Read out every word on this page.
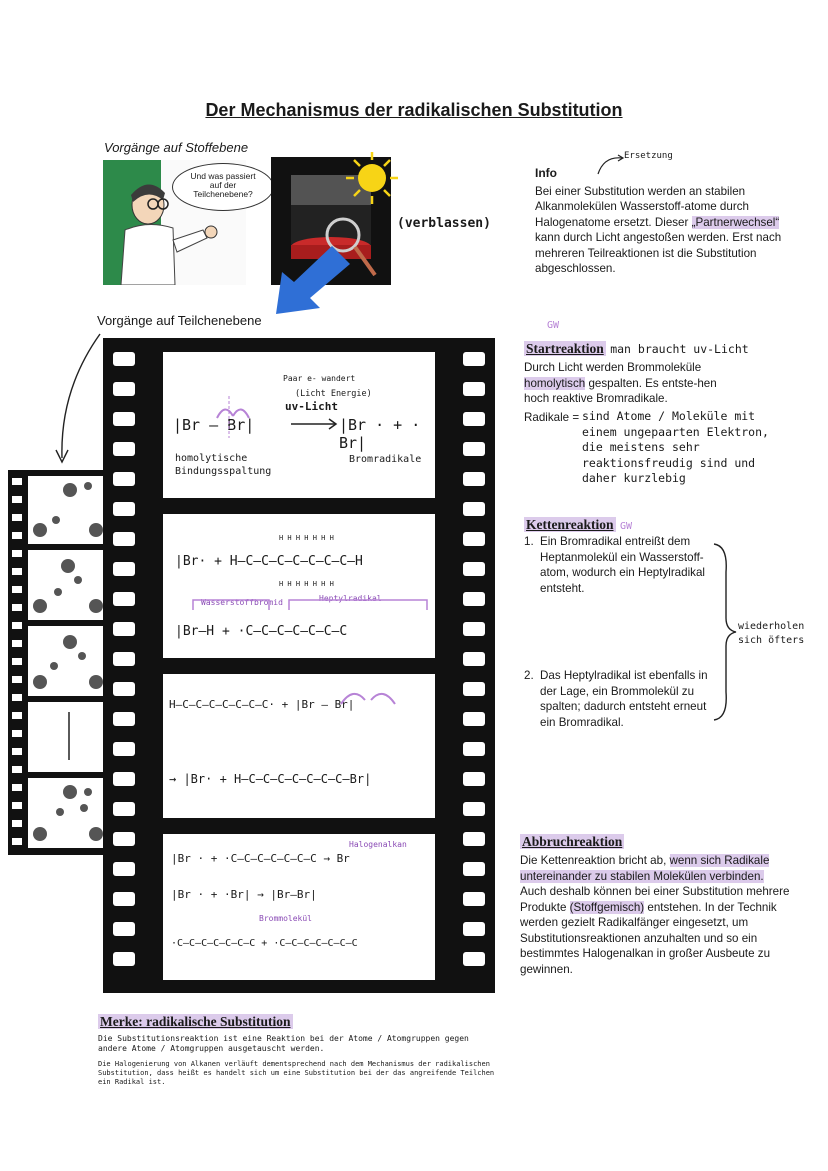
Der Mechanismus der radikalischen Substitution
Vorgänge auf Stoffebene
Und was passiert auf der Teilchenebene?
(verblassen)
Ersetzung
Info
Bei einer Substitution werden an stabilen Alkanmolekülen Wasserstoff-atome durch Halogenatome ersetzt. Dieser „Partnerwechsel“ kann durch Licht angestoßen werden. Erst nach mehreren Teilreaktionen ist die Substitution abgeschlossen.
Vorgänge auf Teilchenebene
Paar e- wandert
(Licht Energie)
uv-Licht
|Br – Br|	|Br · + · Br|
homolytische Bindungsspaltung
Bromradikale
H H H H H H H
H H H H H H H
|Br· + H–C–C–C–C–C–C–C–H
Wasserstoffbromid	Heptylradikal
|Br–H + ·C–C–C–C–C–C–C
H–C–C–C–C–C–C–C· + |Br – Br|
→ |Br· + H–C–C–C–C–C–C–C–Br|
Halogenalkan
|Br · + ·C–C–C–C–C–C–C → Br
|Br · + ·Br| → |Br–Br|
Brommolekül
·C–C–C–C–C–C–C + ·C–C–C–C–C–C–C
GW
Startreaktion man braucht uv-Licht
Durch Licht werden Brommoleküle homolytisch gespalten. Es entste-hen hoch reaktive Bromradikale.
Radikale = sind Atome / Moleküle mit einem ungepaarten Elektron, die meistens sehr reaktionsfreudig sind und daher kurzlebig
Kettenreaktion GW
1. Ein Bromradikal entreißt dem Heptanmolekül ein Wasserstoff-atom, wodurch ein Heptylradikal entsteht.
2. Das Heptylradikal ist ebenfalls in der Lage, ein Brommolekül zu spalten; dadurch entsteht erneut ein Bromradikal.
wiederholen sich öfters
Abbruchreaktion
Die Kettenreaktion bricht ab, wenn sich Radikale untereinander zu stabilen Molekülen verbinden. Auch deshalb können bei einer Substitution mehrere Produkte (Stoffgemisch) entstehen. In der Technik werden gezielt Radikalfänger eingesetzt, um Substitutionsreaktionen anzuhalten und so ein bestimmtes Halogenalkan in großer Ausbeute zu gewinnen.
Merke: radikalische Substitution
Die Substitutionsreaktion ist eine Reaktion bei der Atome / Atomgruppen gegen andere Atome / Atomgruppen ausgetauscht werden.
Die Halogenierung von Alkanen verläuft dementsprechend nach dem Mechanismus der radikalischen Substitution, dass heißt es handelt sich um eine Substitution bei der das angreifende Teilchen ein Radikal ist.
